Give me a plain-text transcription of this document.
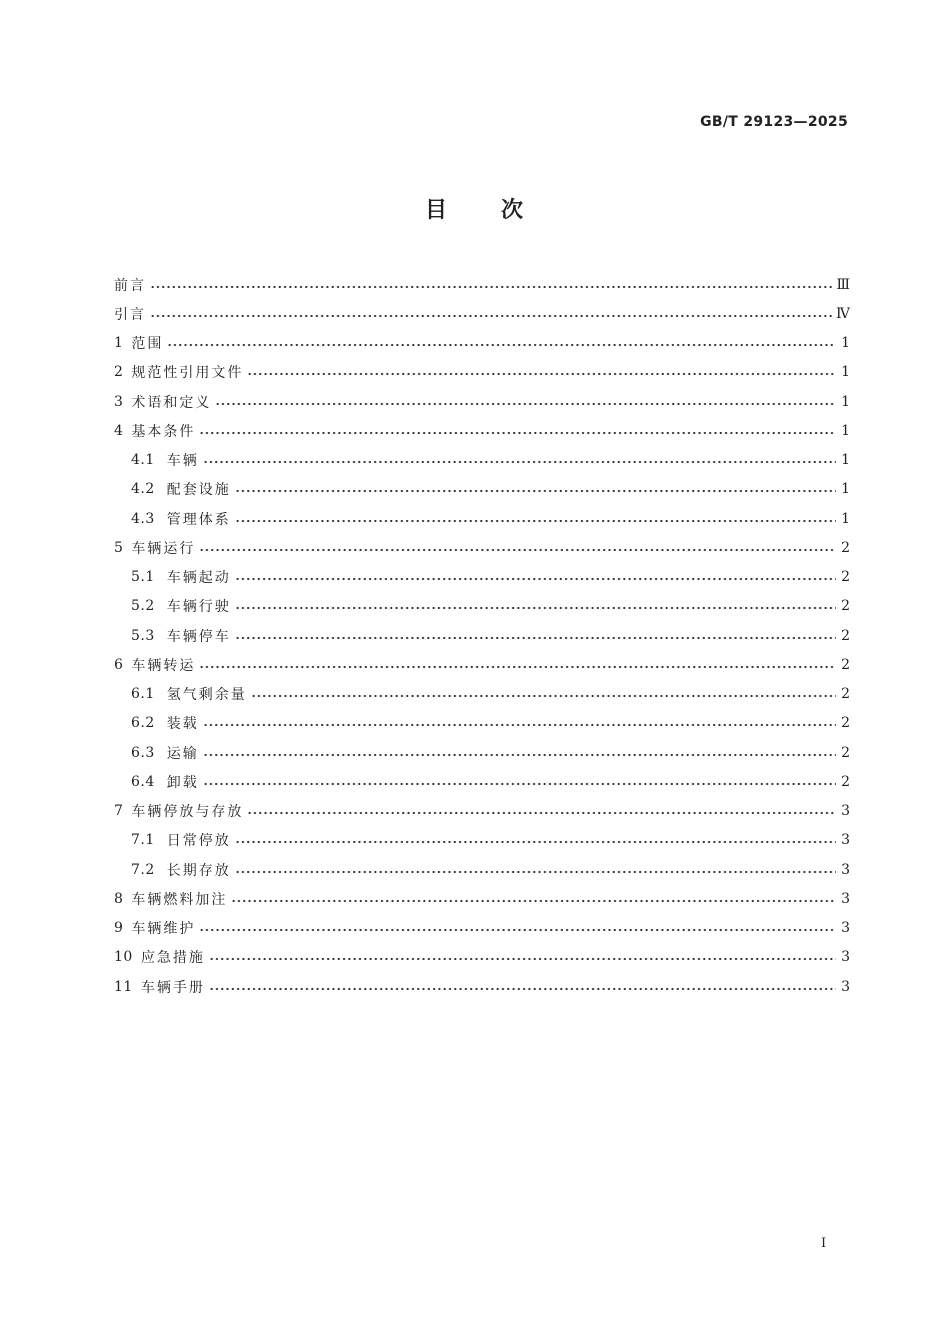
GB/T 29123—2025
目 次
前言	Ⅲ
引言	Ⅳ
1 范围	1
2 规范性引用文件	1
3 术语和定义	1
4 基本条件	1
4.1 车辆	1
4.2 配套设施	1
4.3 管理体系	1
5 车辆运行	2
5.1 车辆起动	2
5.2 车辆行驶	2
5.3 车辆停车	2
6 车辆转运	2
6.1 氢气剩余量	2
6.2 装载	2
6.3 运输	2
6.4 卸载	2
7 车辆停放与存放	3
7.1 日常停放	3
7.2 长期存放	3
8 车辆燃料加注	3
9 车辆维护	3
10 应急措施	3
11 车辆手册	3
I
